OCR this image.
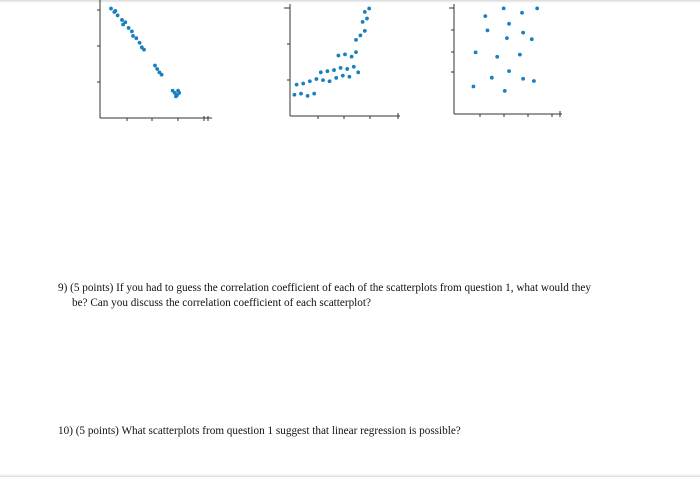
9) (5 points) If you had to guess the correlation coefficient of each of the scatterplots from question 1, what would they
be? Can you discuss the correlation coefficient of each scatterplot?
10) (5 points) What scatterplots from question 1 suggest that linear regression is possible?
